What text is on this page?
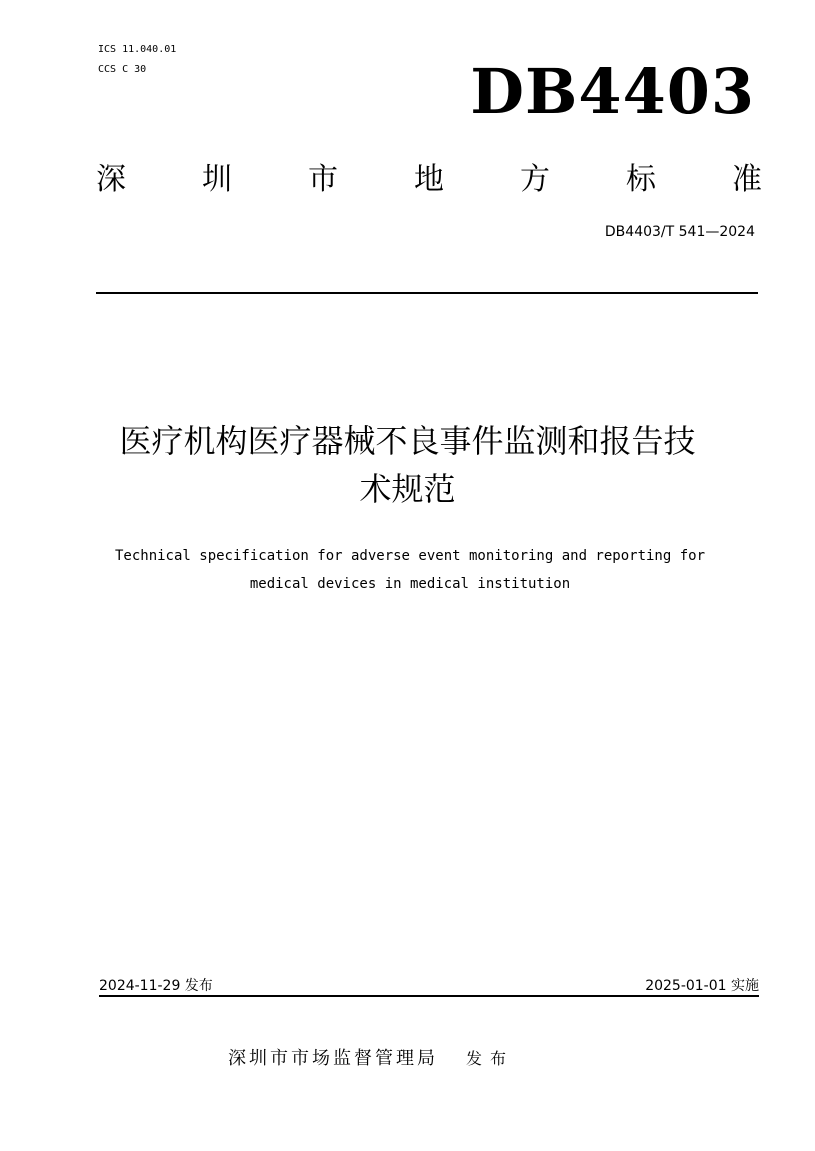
ICS 11.040.01
CCS C 30	DB4403
深	圳	市	地	方	标	准
DB4403/T 541—2024
医疗机构医疗器械不良事件监测和报告技
术规范
Technical specification for adverse event monitoring and reporting for
medical devices in medical institution
2024-11-29 发布	2025-01-01 实施
深圳市市场监督管理局 发布
